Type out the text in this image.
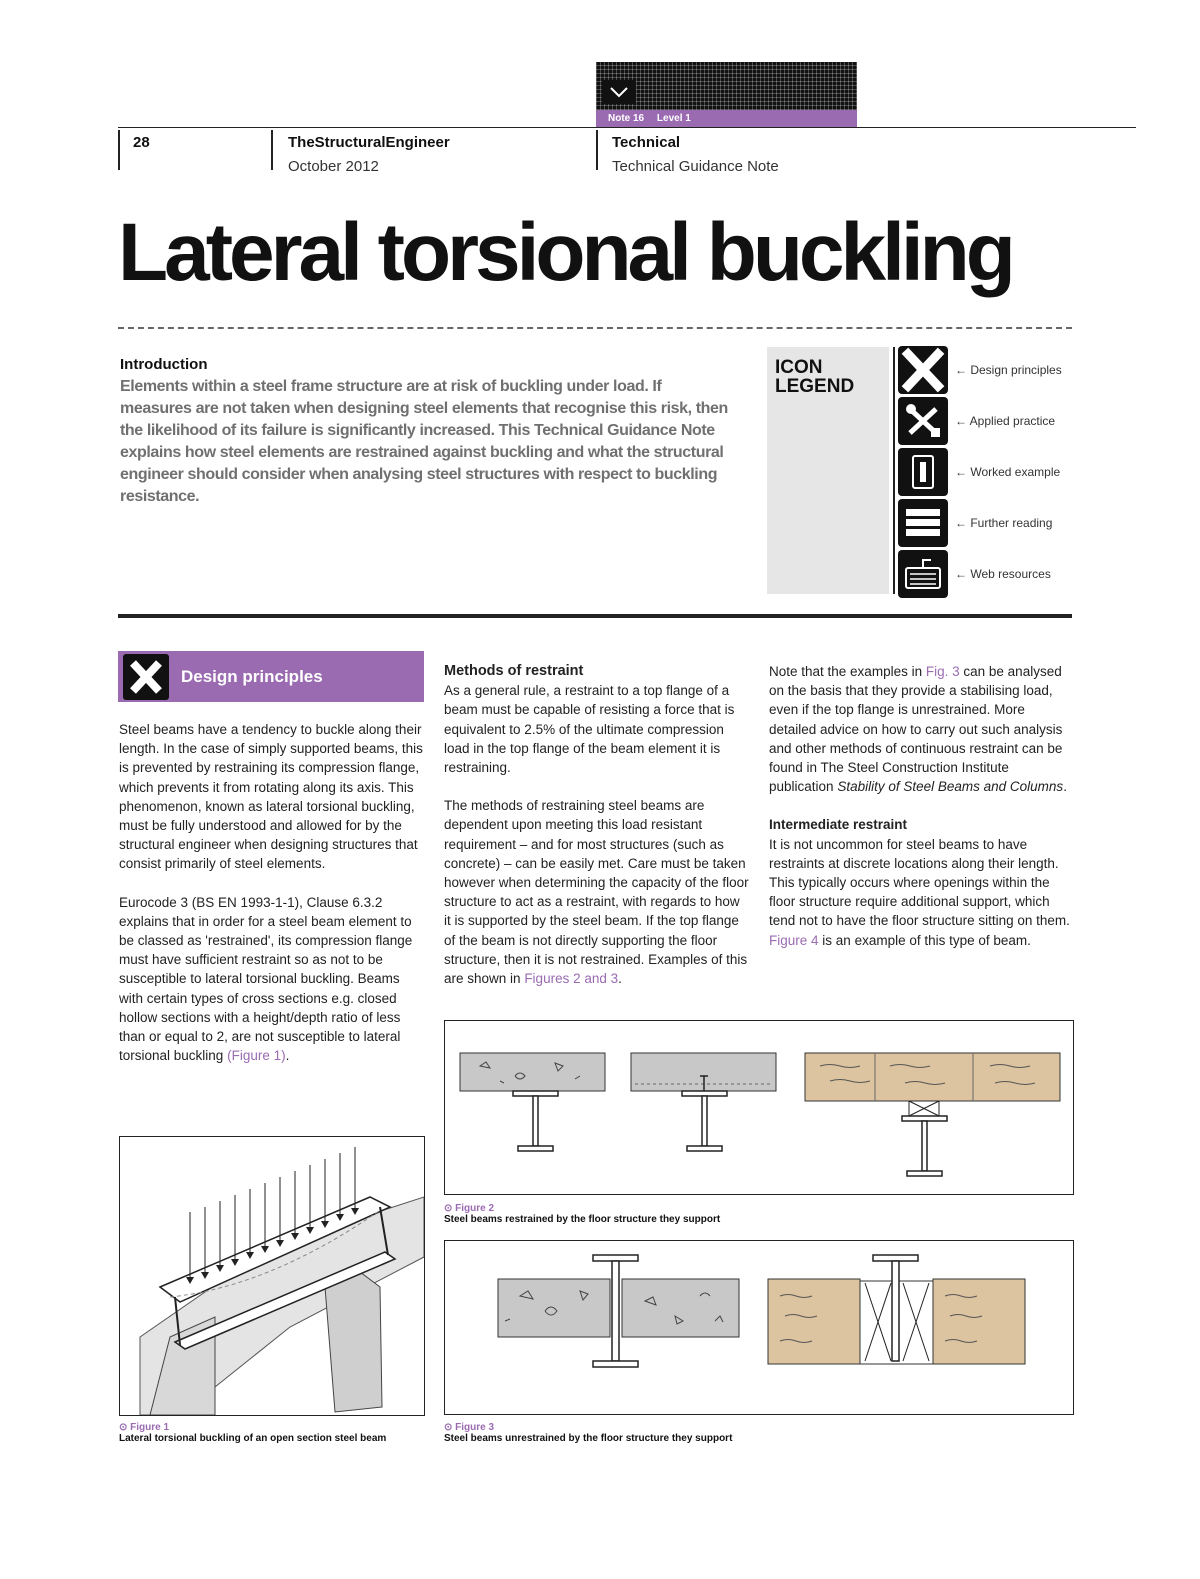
Note 16 Level 1
28	TheStructuralEngineer
October 2012
Technical
Technical Guidance Note
Lateral torsional buckling
Introduction
Elements within a steel frame structure are at risk of buckling under load. If measures are not taken when designing steel elements that recognise this risk, then the likelihood of its failure is significantly increased. This Technical Guidance Note explains how steel elements are restrained against buckling and what the structural engineer should consider when analysing steel structures with respect to buckling resistance.
ICON
LEGEND
← Design principles
← Applied practice
← Worked example
← Further reading
← Web resources
Design principles

Steel beams have a tendency to buckle along their length. In the case of simply supported beams, this is prevented by restraining its compression flange, which prevents it from rotating along its axis. This phenomenon, known as lateral torsional buckling, must be fully understood and allowed for by the structural engineer when designing structures that consist primarily of steel elements.

Eurocode 3 (BS EN 1993-1-1), Clause 6.3.2 explains that in order for a steel beam element to be classed as 'restrained', its compression flange must have sufficient restraint so as not to be susceptible to lateral torsional buckling. Beams with certain types of cross sections e.g. closed hollow sections with a height/depth ratio of less than or equal to 2, are not susceptible to lateral torsional buckling (Figure 1).

Methods of restraint

As a general rule, a restraint to a top flange of a beam must be capable of resisting a force that is equivalent to 2.5% of the ultimate compression load in the top flange of the beam element it is restraining.

The methods of restraining steel beams are dependent upon meeting this load resistant requirement – and for most structures (such as concrete) – can be easily met. Care must be taken however when determining the capacity of the floor structure to act as a restraint, with regards to how it is supported by the steel beam. If the top flange of the beam is not directly supporting the floor structure, then it is not restrained. Examples of this are shown in Figures 2 and 3.

Note that the examples in Fig. 3 can be analysed on the basis that they provide a stabilising load, even if the top flange is unrestrained. More detailed advice on how to carry out such analysis and other methods of continuous restraint can be found in The Steel Construction Institute publication Stability of Steel Beams and Columns.

Intermediate restraint

It is not uncommon for steel beams to have restraints at discrete locations along their length. This typically occurs where openings within the floor structure require additional support, which tend not to have the floor structure sitting on them. Figure 4 is an example of this type of beam.

⊙ Figure 1
Lateral torsional buckling of an open section steel beam
⊙ Figure 2
Steel beams restrained by the floor structure they support
⊙ Figure 3
Steel beams unrestrained by the floor structure they support
